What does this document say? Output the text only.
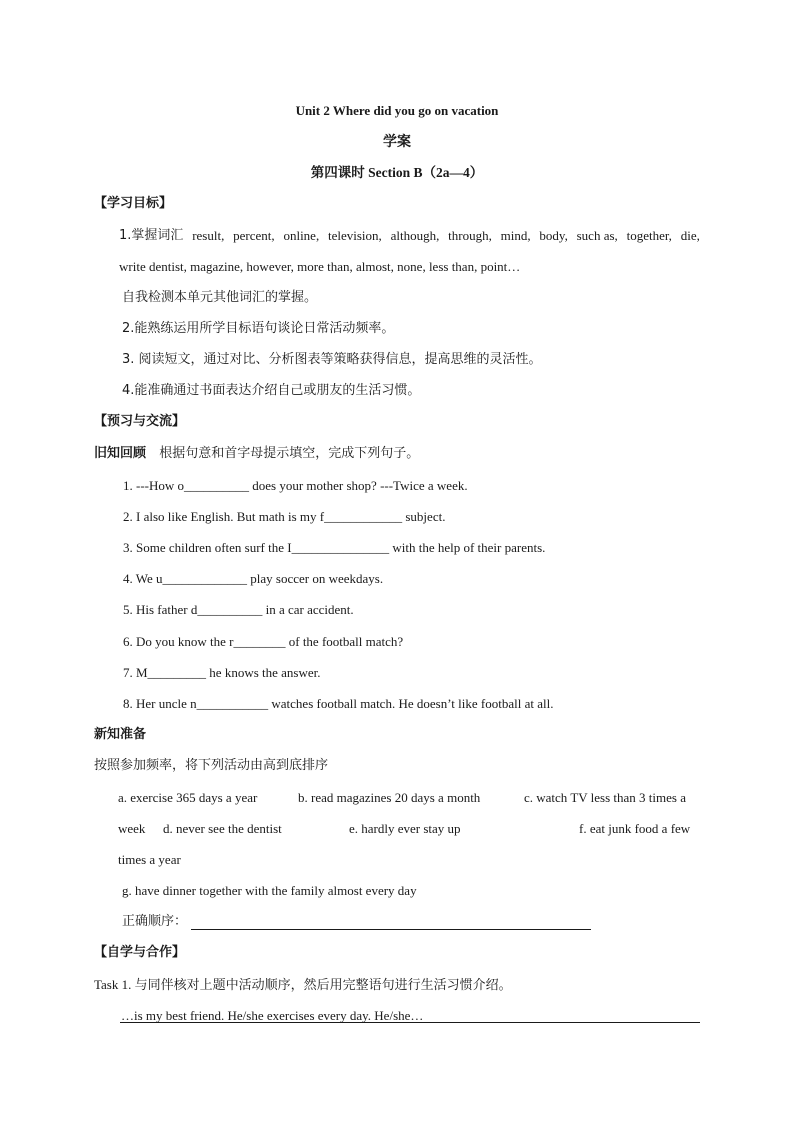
Unit 2 Where did you go on vacation
学案
第四课时 Section B（2a—4）
【学习目标】
1.掌握词汇 result, percent, online, television, although, through, mind, body, such as, together, die,
write dentist, magazine, however, more than, almost, none, less than, point…
自我检测本单元其他词汇的掌握。
2.能熟练运用所学目标语句谈论日常活动频率。
3. 阅读短文，通过对比、分析图表等策略获得信息，提高思维的灵活性。
4.能准确通过书面表达介绍自己或朋友的生活习惯。
【预习与交流】
旧知回顾 根据句意和首字母提示填空，完成下列句子。
1. ---How o__________ does your mother shop? ---Twice a week.
2. I also like English. But math is my f____________ subject.
3. Some children often surf the I_______________ with the help of their parents.
4. We u_____________ play soccer on weekdays.
5. His father d__________ in a car accident.
6. Do you know the r________ of the football match?
7. M_________ he knows the answer.
8. Her uncle n___________ watches football match. He doesn’t like football at all.
新知准备
按照参加频率，将下列活动由高到底排序
a. exercise 365 days a year	b. read magazines 20 days a month	c. watch TV less than 3 times a
week d. never see the dentist	e. hardly ever stay up	f. eat junk food a few
times a year
g. have dinner together with the family almost every day
正确顺序：
【自学与合作】
Task 1. 与同伴核对上题中活动顺序，然后用完整语句进行生活习惯介绍。
…is my best friend. He/she exercises every day. He/she…
